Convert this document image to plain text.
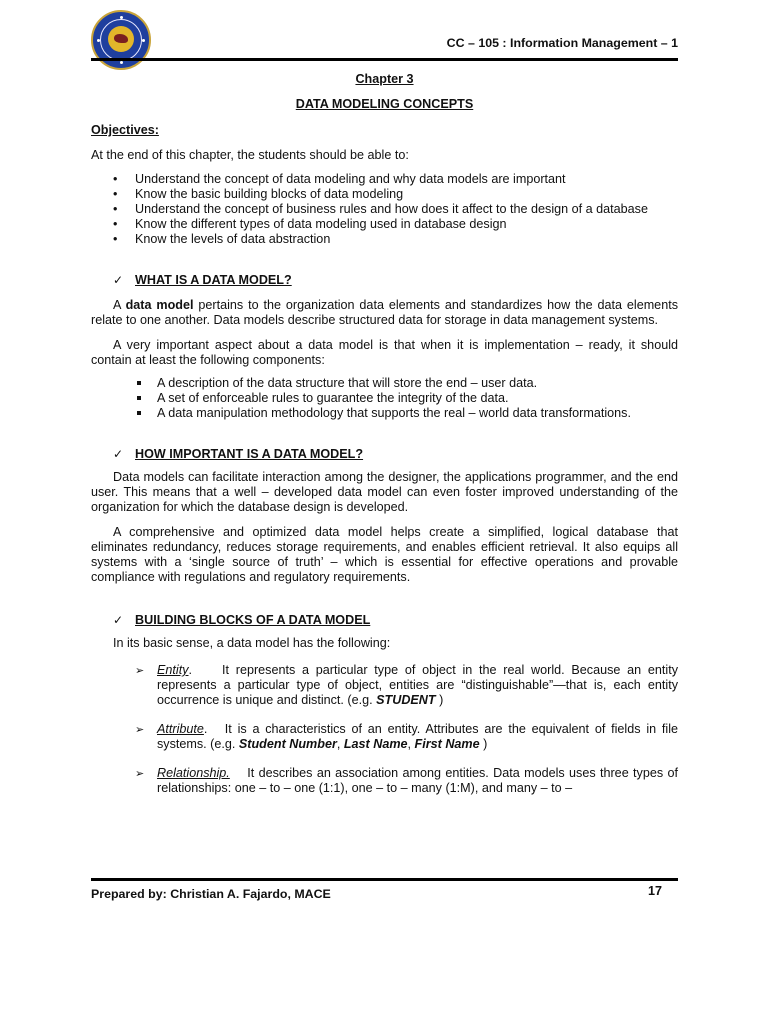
CC – 105 : Information Management – 1

Chapter 3

DATA MODELING CONCEPTS

Objectives:

At the end of this chapter, the students should be able to:

• Understand the concept of data modeling and why data models are important
• Know the basic building blocks of data modeling
• Understand the concept of business rules and how does it affect to the design of a database
• Know the different types of data modeling used in database design
• Know the levels of data abstraction
✓ WHAT IS A DATA MODEL?

A data model pertains to the organization data elements and standardizes how the data elements relate to one another. Data models describe structured data for storage in data management systems.

A very important aspect about a data model is that when it is implementation – ready, it should contain at least the following components:

A description of the data structure that will store the end – user data.
A set of enforceable rules to guarantee the integrity of the data.
A data manipulation methodology that supports the real – world data transformations.
✓ HOW IMPORTANT IS A DATA MODEL?

Data models can facilitate interaction among the designer, the applications programmer, and the end user. This means that a well – developed data model can even foster improved understanding of the organization for which the database design is developed.

A comprehensive and optimized data model helps create a simplified, logical database that eliminates redundancy, reduces storage requirements, and enables efficient retrieval. It also equips all systems with a ‘single source of truth’ – which is essential for effective operations and provable compliance with regulations and regulatory requirements.

✓ BUILDING BLOCKS OF A DATA MODEL

In its basic sense, a data model has the following:

➢ Entity. It represents a particular type of object in the real world. Because an entity represents a particular type of object, entities are “distinguishable”—that is, each entity occurrence is unique and distinct. (e.g. STUDENT )
➢ Attribute.   It is a characteristics of an entity. Attributes are the equivalent of fields in file systems. (e.g. Student Number, Last Name, First Name )
➢ Relationship. It describes an association among entities. Data models uses three types of relationships: one – to – one (1:1), one – to – many (1:M), and many – to –
Prepared by: Christian A. Fajardo, MACE	17
